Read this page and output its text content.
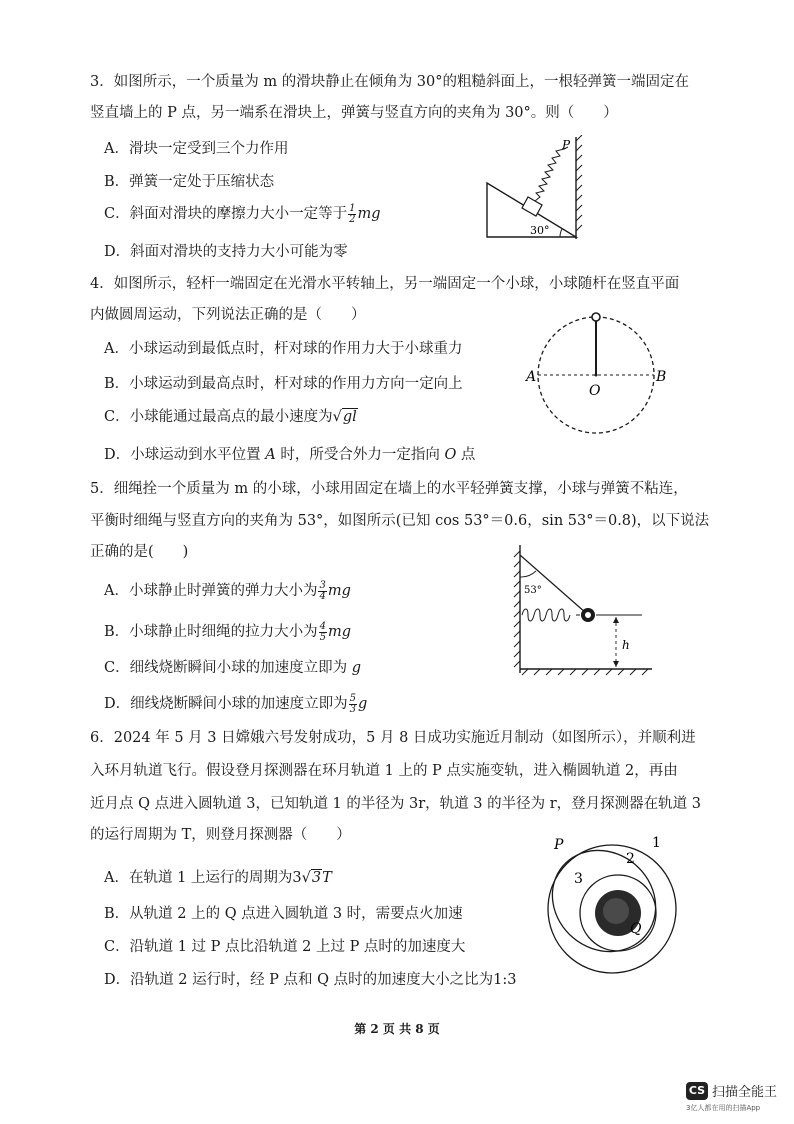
3．如图所示，一个质量为 m 的滑块静止在倾角为 30°的粗糙斜面上，一根轻弹簧一端固定在
竖直墙上的 P 点，另一端系在滑块上，弹簧与竖直方向的夹角为 30°。则（　　）
A．滑块一定受到三个力作用
B．弹簧一定处于压缩状态
C．斜面对滑块的摩擦力大小一定等于 $\frac{1}{2}$ mg
D．斜面对滑块的支持力大小可能为零
P
30°
4．如图所示，轻杆一端固定在光滑水平转轴上，另一端固定一个小球，小球随杆在竖直平面
内做圆周运动，下列说法正确的是（　　）
A．小球运动到最低点时，杆对球的作用力大于小球重力
B．小球运动到最高点时，杆对球的作用力方向一定向上
C．小球能通过最高点的最小速度为√gl
D．小球运动到水平位置 A 时，所受合外力一定指向 O 点
A	B
O
5．细绳拴一个质量为 m 的小球，小球用固定在墙上的水平轻弹簧支撑，小球与弹簧不粘连，
平衡时细绳与竖直方向的夹角为 53°，如图所示(已知 cos 53°＝0.6，sin 53°＝0.8)，以下说法
正确的是(　　)
A．小球静止时弹簧的弹力大小为 $\frac{3}{4}$ mg
B．小球静止时细绳的拉力大小为 $\frac{4}{5}$ mg
C．细线烧断瞬间小球的加速度立即为 g
D．细线烧断瞬间小球的加速度立即为 $\frac{5}{3}$ g
53°
h
6．2024 年 5 月 3 日嫦娥六号发射成功，5 月 8 日成功实施近月制动（如图所示），并顺利进
入环月轨道飞行。假设登月探测器在环月轨道 1 上的 P 点实施变轨，进入椭圆轨道 2，再由
近月点 Q 点进入圆轨道 3，已知轨道 1 的半径为 3r，轨道 3 的半径为 r，登月探测器在轨道 3
的运行周期为 T，则登月探测器（　　）
A．在轨道 1 上运行的周期为3√3T
B．从轨道 2 上的 Q 点进入圆轨道 3 时，需要点火加速
C．沿轨道 1 过 P 点比沿轨道 2 上过 P 点时的加速度大
D．沿轨道 2 运行时，经 P 点和 Q 点时的加速度大小之比为1:3
P
Q
1
2
3
第 2 页 共 8 页
CS 扫描全能王
3亿人都在用的扫描App
